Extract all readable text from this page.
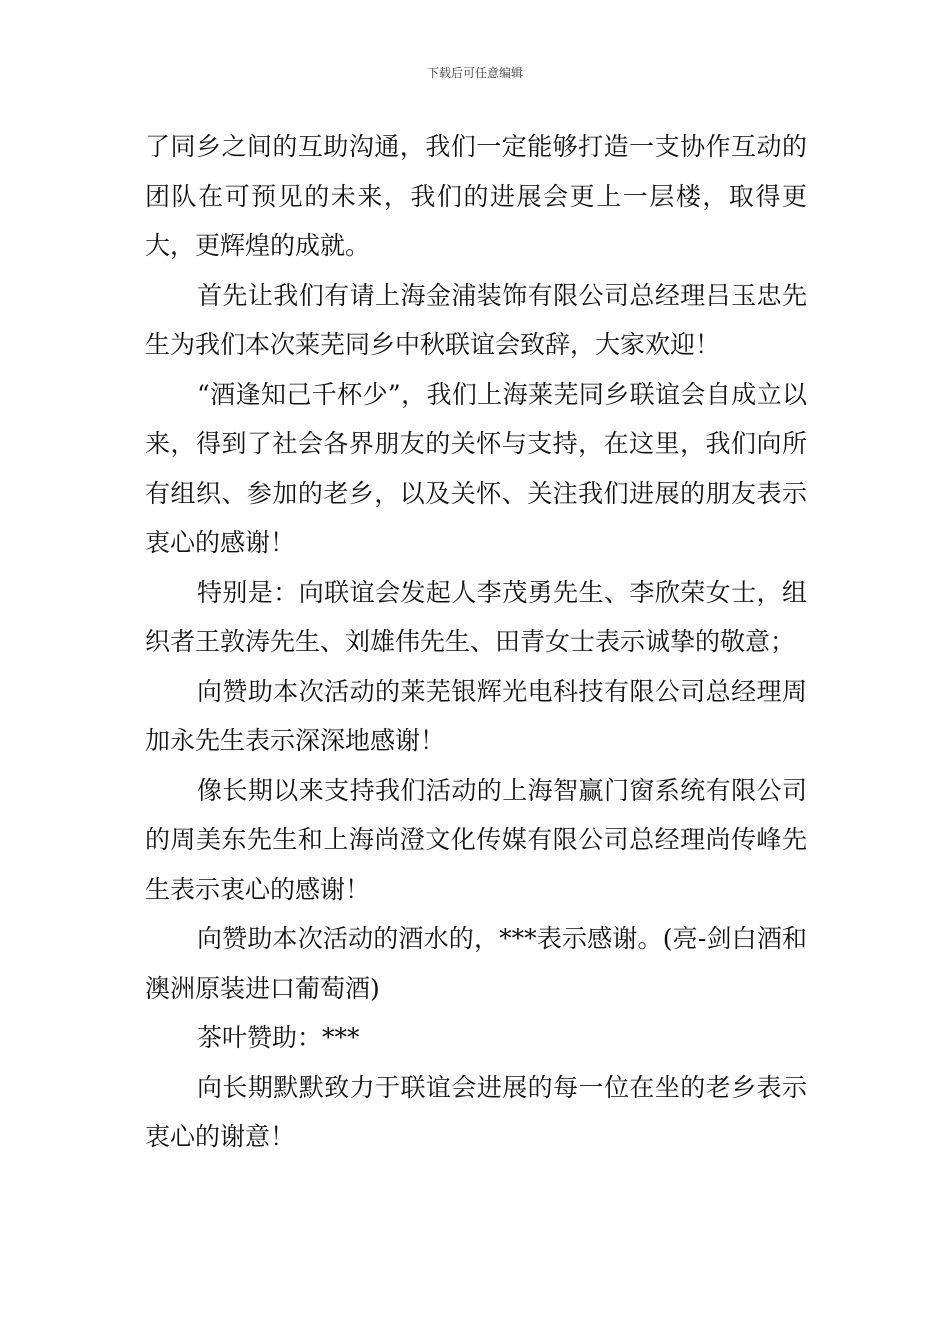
下载后可任意编辑

了同乡之间的互助沟通，我们一定能够打造一支协作互动的团队在可预见的未来，我们的进展会更上一层楼，取得更大，更辉煌的成就。

首先让我们有请上海金浦装饰有限公司总经理吕玉忠先生为我们本次莱芜同乡中秋联谊会致辞，大家欢迎！

“酒逢知己千杯少”，我们上海莱芜同乡联谊会自成立以来，得到了社会各界朋友的关怀与支持，在这里，我们向所有组织、参加的老乡，以及关怀、关注我们进展的朋友表示衷心的感谢！

特别是：向联谊会发起人李茂勇先生、李欣荣女士，组织者王敦涛先生、刘雄伟先生、田青女士表示诚挚的敬意；

向赞助本次活动的莱芜银辉光电科技有限公司总经理周加永先生表示深深地感谢！

像长期以来支持我们活动的上海智赢门窗系统有限公司的周美东先生和上海尚澄文化传媒有限公司总经理尚传峰先生表示衷心的感谢！

向赞助本次活动的酒水的，***表示感谢。(亮-剑白酒和澳洲原装进口葡萄酒)

茶叶赞助：***

向长期默默致力于联谊会进展的每一位在坐的老乡表示衷心的谢意！
